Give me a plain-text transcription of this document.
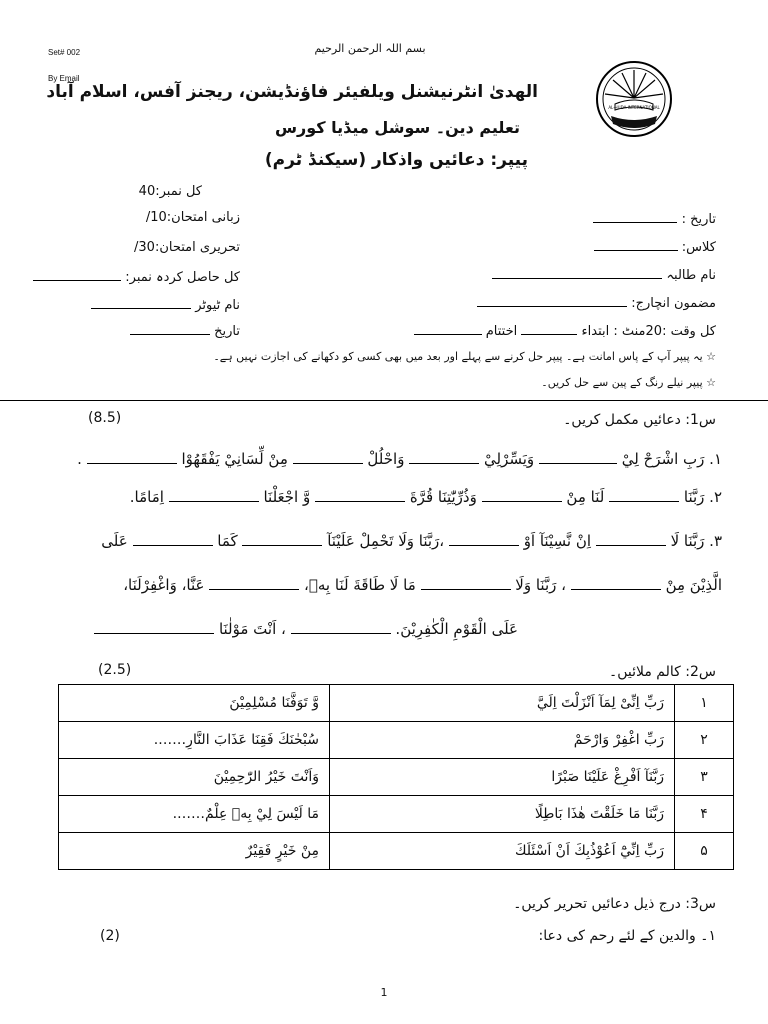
Set# 002
By Email
AL-HUDA INTERNATIONAL
بسم اللہ الرحمن الرحیم
الھدیٰ انٹرنیشنل ویلفیئر فاؤنڈیشن، ریجنز آفس، اسلام آباد
تعلیم دین۔ سوشل میڈیا کورس
پیپر: دعائیں واذکار (سیکنڈ ٹرم)
کل نمبر:40
زبانی امتحان:10/
تحریری امتحان:30/
کل حاصل کردہ نمبر:
نام ٹیوٹر
تاریخ
تاریخ :
کلاس:
نام طالبہ
مضمون انچارج:
کل وقت :20منٹ : ابتداء  اختتام
☆ یہ پیپر آپ کے پاس امانت ہے۔ پیپر حل کرنے سے پہلے اور بعد میں بھی کسی کو دکھانے کی اجازت نہیں ہے۔
☆ پیپر نیلے رنگ کے پین سے حل کریں۔
س1: دعائیں مکمل کریں۔
(8.5)
۱. رَبِ اشْرَحْ لِيْ  وَيَسِّرْلِيْ  وَاحْلُلْ  مِنْ لِّسَانِيْ يَفْقَهُوْا  .
۲. رَبَّنَا  لَنَا مِنْ  وَذُرِّيّٰتِنَا قُرَّةَ  وَّ اجْعَلْنَا  اِمَامًا.
۳. رَبَّنَا لَا  اِنْ نَّسِيْنَآ اَوْ  ،رَبَّنَا وَلَا تَحْمِلْ عَلَيْنَآ  كَمَا  عَلَى
الَّذِيْنَ مِنْ  ، رَبَّنَا وَلَا  مَا لَا طَاقَةَ لَنَا بِهٖ،  عَنَّا، وَاغْفِرْلَنَا،
عَلَى الْقَوْمِ الْكٰفِرِيْنَ.  ، اَنْتَ مَوْلٰنَا
س2: کالم ملائیں۔
(2.5)
۱	رَبِّ اِنِّىْ لِمَآ اَنْزَلْتَ اِلَيَّ	وَّ تَوَفَّنَا مُسْلِمِيْنَ
۲	رَبِّ اغْفِرْ وَارْحَمْ	سُبْحٰنَكَ فَقِنَا عَذَابَ النَّارِ…….
۳	رَبَّنَآ اَفْرِغْ عَلَيْنَا صَبْرًا	وَاَنْتَ خَيْرُ الرّٰحِمِيْنَ
۴	رَبَّنَا مَا خَلَقْتَ هٰذَا بَاطِلًا	مَا لَيْسَ لِيْ بِهٖ عِلْمٌ…….
۵	رَبِّ اِنِّيْٓ اَعُوْذُبِكَ اَنْ اَسْئَلَكَ	مِنْ خَيْرٍ فَقِيْرٌ
س3: درج ذیل دعائیں تحریر کریں۔
(2)	۱۔ والدین کے لئے رحم کی دعا:
1
